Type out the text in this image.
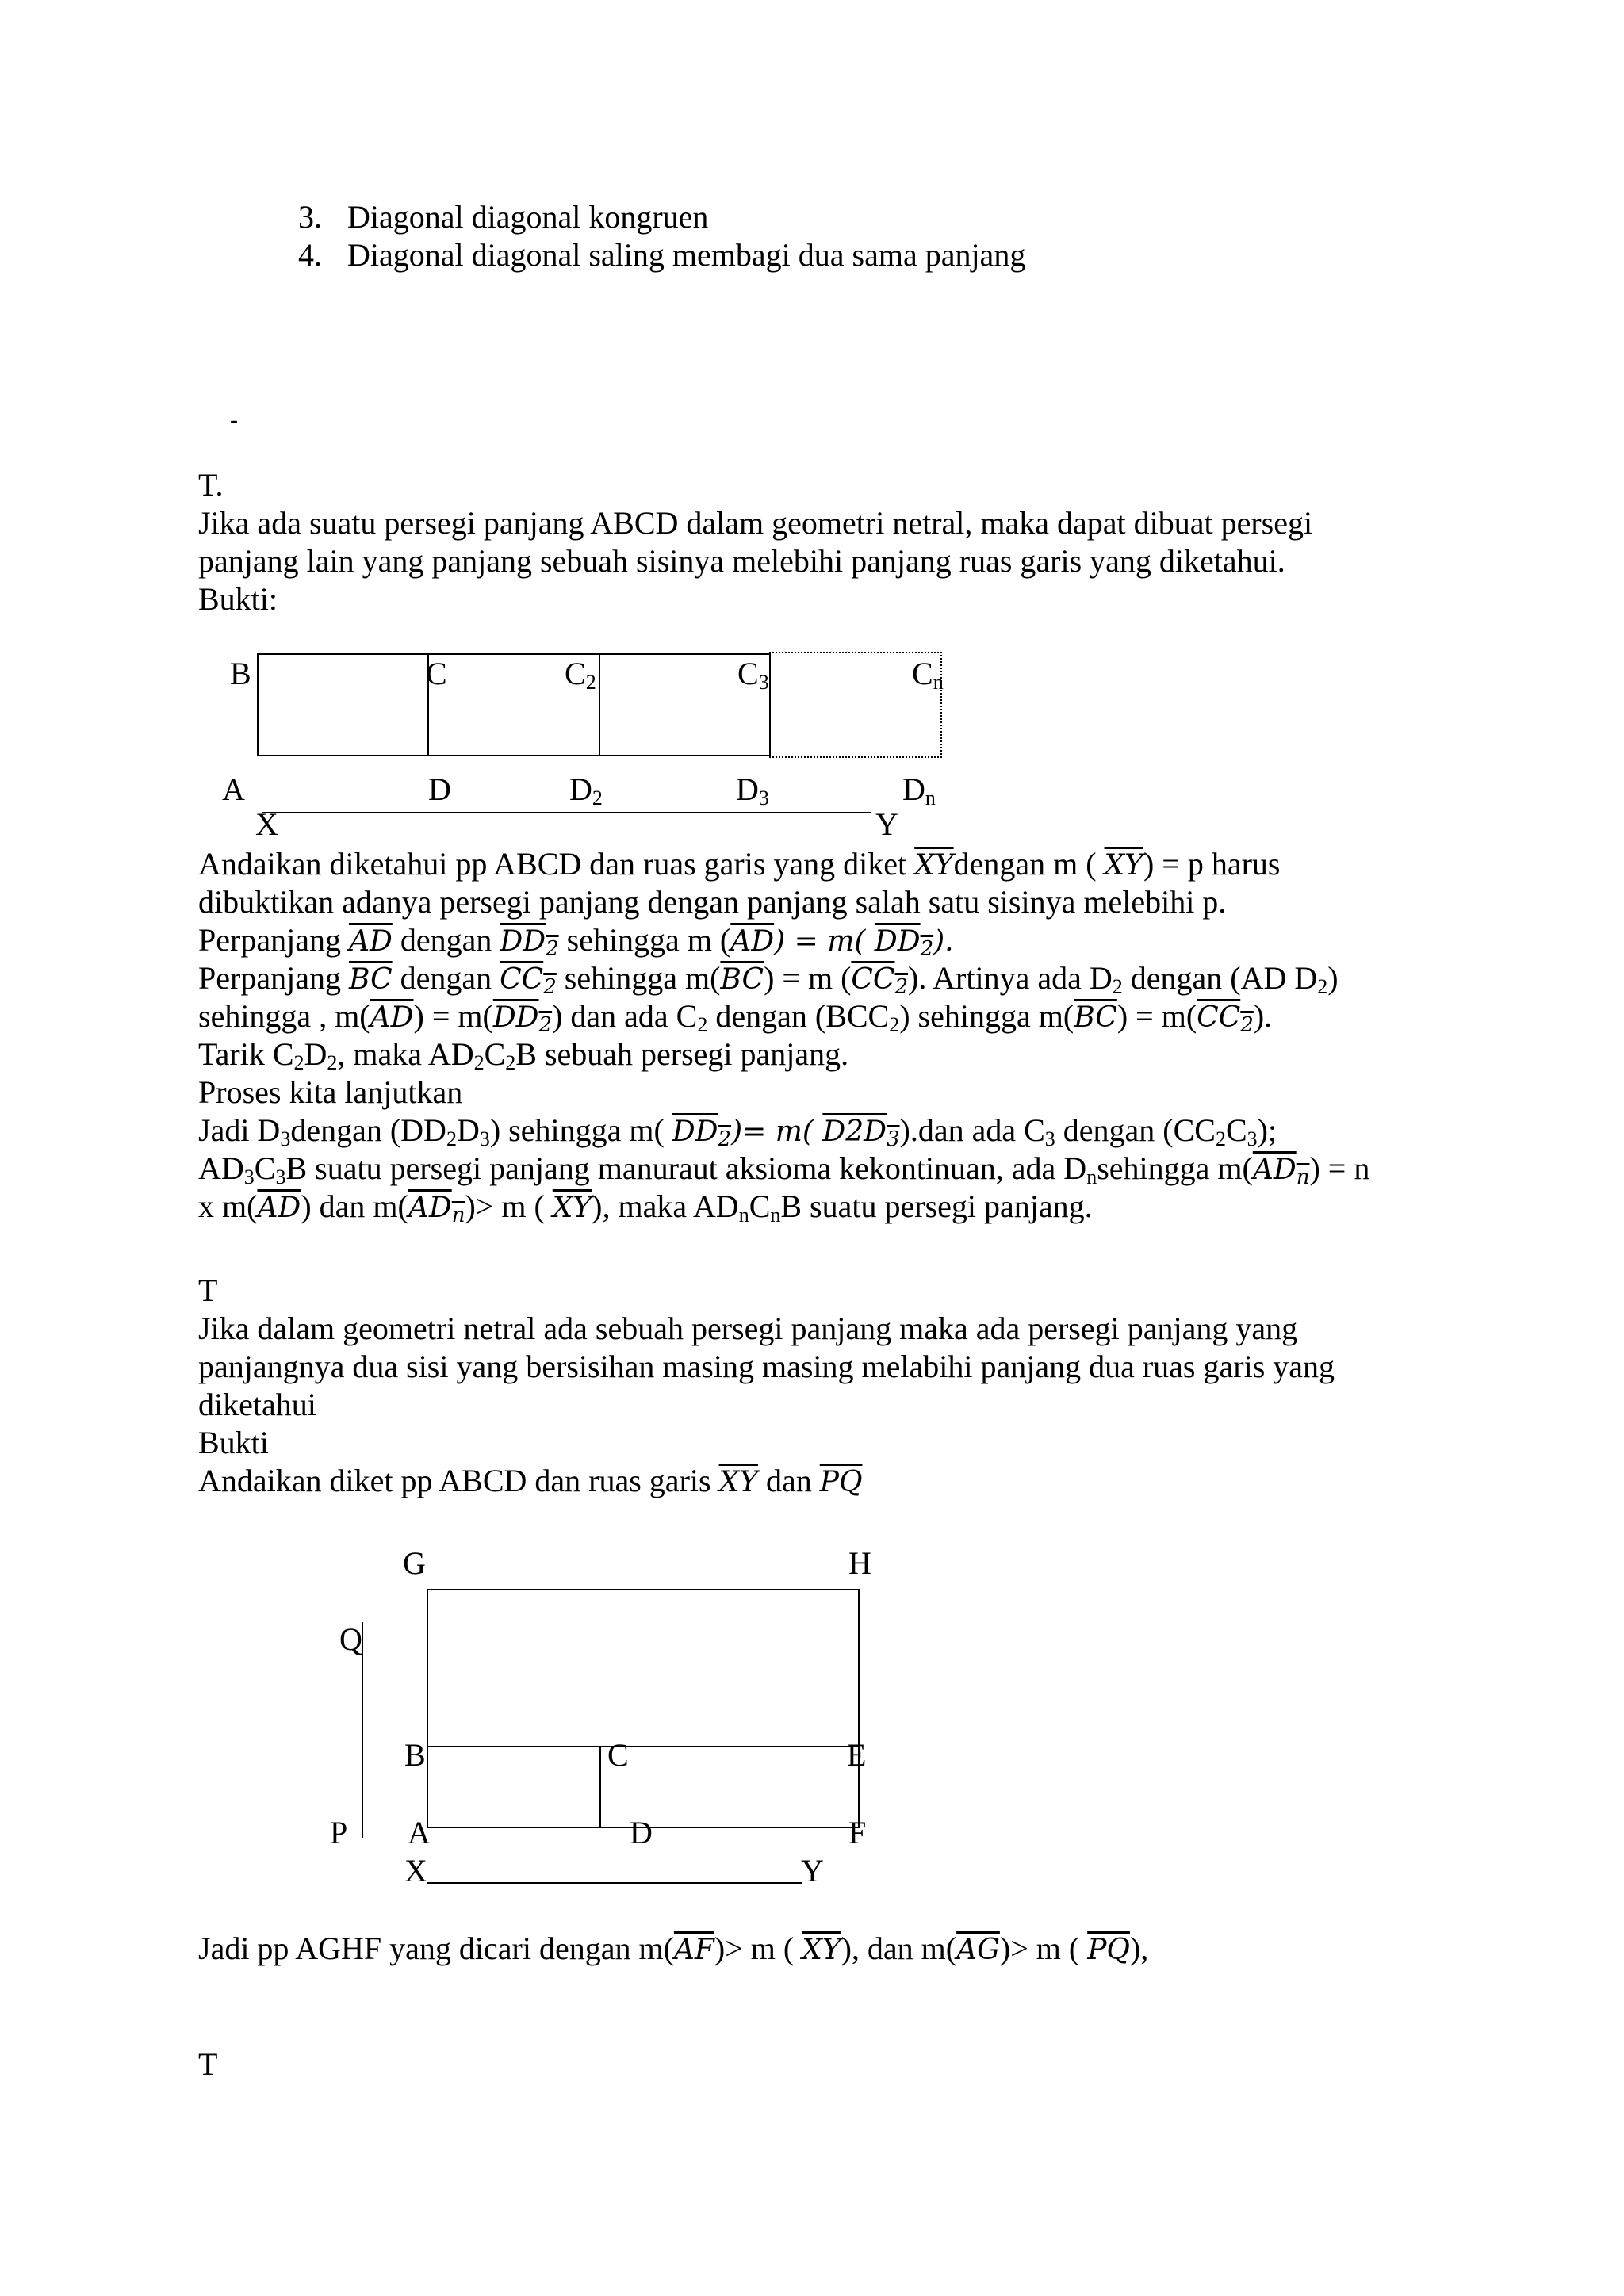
3. Diagonal diagonal kongruen
4. Diagonal diagonal saling membagi dua sama panjang
-
T.
Jika ada suatu persegi panjang ABCD dalam geometri netral, maka dapat dibuat persegi
panjang lain yang panjang sebuah sisinya melebihi panjang ruas garis yang diketahui.
Bukti:
B	C	$C_2$	$C_3$	$C_n$
A	D	$D_2$	$D_3$	$D_n$
X	Y
Andaikan diketahui pp ABCD dan ruas garis yang diket $\overline{XY}dengan$ m ( $\overline{XY}) = p$ harus
dibuktikan adanya persegi panjang dengan panjang salah satu sisinya melebihi p.
Perpanjang $\overline{AD}$ dengan $DD_2$ sehingga m $(\overline{AD}) = m$( $DD_2$).
Perpanjang $\overline{BC}$ dengan $CC_2$ sehingga $m(\overline{BC}) = m$ $(CC_2)$. Artinya ada $D_2$ dengan (AD $D_2$)
sehingga , $m(\overline{AD}) = m(DD_2)$ dan ada $C_2$ dengan $(BCC_2)$ sehingga $m(\overline{BC}) = m(CC_2)$.
Tarik $C_2D_2$, maka $AD_2C_2B$ sebuah persegi panjang.
Proses kita lanjutkan
Jadi $D_3dengan$ $(DD_2D_3)$ sehingga m( $DD_2)= m$( $D2D_3).dan$ ada $C_3$ dengan $(CC_2C_3)$;
$AD_3C_3B$ suatu persegi panjang manuraut aksioma kekontinuan, ada $D_nsehingga$ $m(AD_n) = n$
x $m(\overline{AD})$ dan $m(AD_n)> m$ ( $\overline{XY}$), maka $AD_nC_nB$ suatu persegi panjang.
T
Jika dalam geometri netral ada sebuah persegi panjang maka ada persegi panjang yang
panjangnya dua sisi yang bersisihan masing masing melabihi panjang dua ruas garis yang
diketahui
Bukti
Andaikan diket pp ABCD dan ruas garis $\overline{XY}$ dan $\overline{PQ}$
G	H
Q
B	C	E
P A	D	F
X	Y
Jadi pp AGHF yang dicari dengan $m(\overline{AF})> m$ ( $\overline{XY}$), dan $m(\overline{AG})> m$ ( $\overline{PQ}$),
T
